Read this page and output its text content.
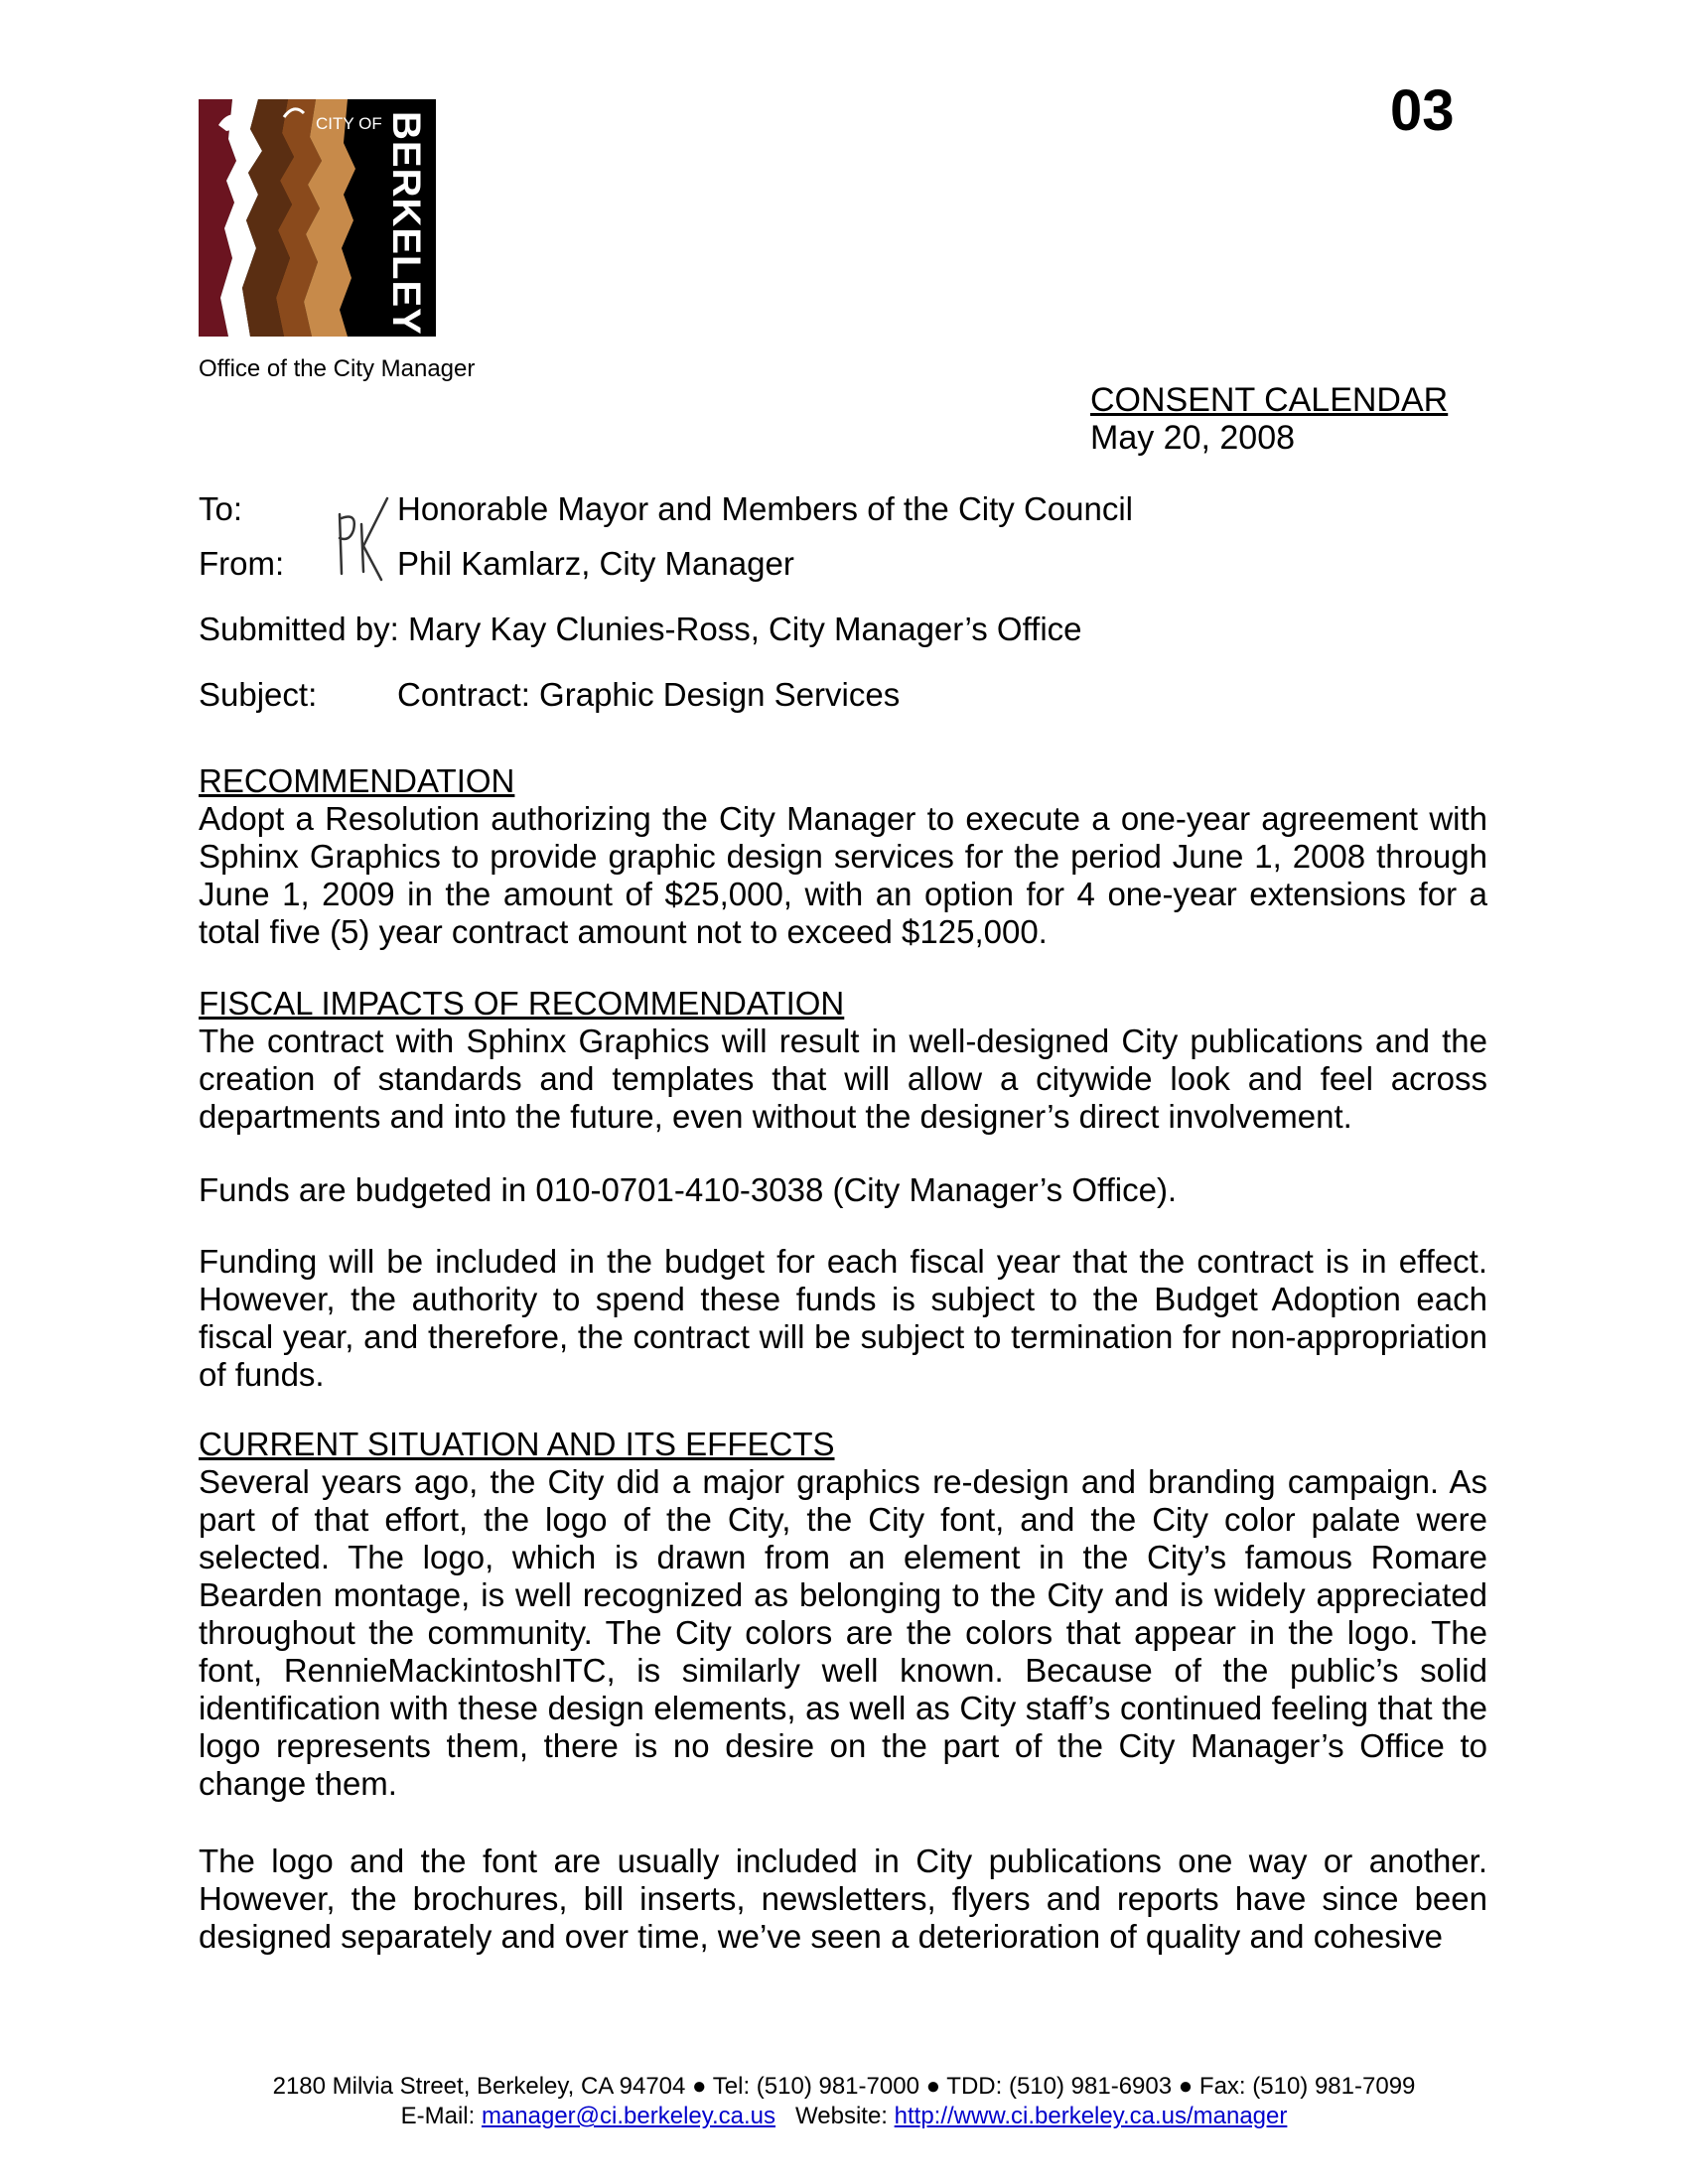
03
CITY OF BERKELEY
Office of the City Manager
CONSENT CALENDAR
May 20, 2008
To:	Honorable Mayor and Members of the City Council
From:	Phil Kamlarz, City Manager
Submitted by: Mary Kay Clunies-Ross, City Manager’s Office
Subject: Contract: Graphic Design Services
RECOMMENDATION
Adopt a Resolution authorizing the City Manager to execute a one-year agreement with Sphinx Graphics to provide graphic design services for the period June 1, 2008 through June 1, 2009 in the amount of $25,000, with an option for 4 one-year extensions for a total five (5) year contract amount not to exceed $125,000.
FISCAL IMPACTS OF RECOMMENDATION
The contract with Sphinx Graphics will result in well-designed City publications and the creation of standards and templates that will allow a citywide look and feel across departments and into the future, even without the designer’s direct involvement.
Funds are budgeted in 010-0701-410-3038 (City Manager’s Office).
Funding will be included in the budget for each fiscal year that the contract is in effect. However, the authority to spend these funds is subject to the Budget Adoption each fiscal year, and therefore, the contract will be subject to termination for non-appropriation of funds.
CURRENT SITUATION AND ITS EFFECTS
Several years ago, the City did a major graphics re-design and branding campaign. As part of that effort, the logo of the City, the City font, and the City color palate were selected. The logo, which is drawn from an element in the City’s famous Romare Bearden montage, is well recognized as belonging to the City and is widely appreciated throughout the community. The City colors are the colors that appear in the logo. The font, RennieMackintoshITC, is similarly well known. Because of the public’s solid identification with these design elements, as well as City staff’s continued feeling that the logo represents them, there is no desire on the part of the City Manager’s Office to change them.
The logo and the font are usually included in City publications one way or another. However, the brochures, bill inserts, newsletters, flyers and reports have since been designed separately and over time, we’ve seen a deterioration of quality and cohesive
2180 Milvia Street, Berkeley, CA 94704 ● Tel: (510) 981-7000 ● TDD: (510) 981-6903 ● Fax: (510) 981-7099
E-Mail: manager@ci.berkeley.ca.us Website: http://www.ci.berkeley.ca.us/manager
